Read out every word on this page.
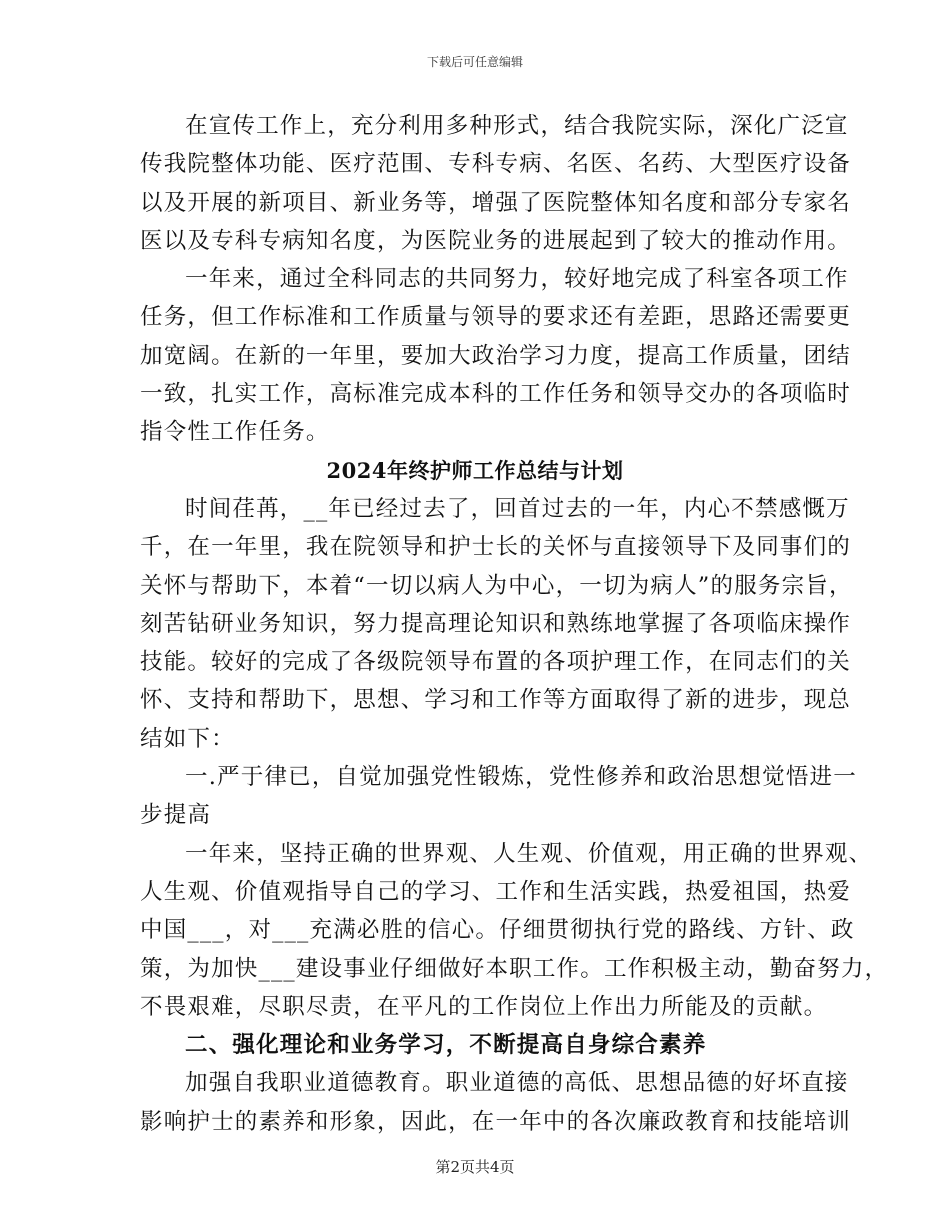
下载后可任意编辑
在宣传工作上，充分利用多种形式，结合我院实际，深化广泛宣
传我院整体功能、医疗范围、专科专病、名医、名药、大型医疗设备
以及开展的新项目、新业务等，增强了医院整体知名度和部分专家名
医以及专科专病知名度，为医院业务的进展起到了较大的推动作用。
一年来，通过全科同志的共同努力，较好地完成了科室各项工作
任务，但工作标准和工作质量与领导的要求还有差距，思路还需要更
加宽阔。在新的一年里，要加大政治学习力度，提高工作质量，团结
一致，扎实工作，高标准完成本科的工作任务和领导交办的各项临时
指令性工作任务。
2024年终护师工作总结与计划
时间荏苒，__年已经过去了，回首过去的一年，内心不禁感慨万
千，在一年里，我在院领导和护士长的关怀与直接领导下及同事们的
关怀与帮助下，本着“一切以病人为中心，一切为病人”的服务宗旨，
刻苦钻研业务知识，努力提高理论知识和熟练地掌握了各项临床操作
技能。较好的完成了各级院领导布置的各项护理工作，在同志们的关
怀、支持和帮助下，思想、学习和工作等方面取得了新的进步，现总
结如下：
一.严于律已，自觉加强党性锻炼，党性修养和政治思想觉悟进一
步提高
一年来，坚持正确的世界观、人生观、价值观，用正确的世界观、
人生观、价值观指导自己的学习、工作和生活实践，热爱祖国，热爱
中国___，对___充满必胜的信心。仔细贯彻执行党的路线、方针、政
策，为加快___建设事业仔细做好本职工作。工作积极主动，勤奋努力，
不畏艰难，尽职尽责，在平凡的工作岗位上作出力所能及的贡献。
二、强化理论和业务学习，不断提高自身综合素养
加强自我职业道德教育。职业道德的高低、思想品德的好坏直接
影响护士的素养和形象，因此，在一年中的各次廉政教育和技能培训
第2页共4页
